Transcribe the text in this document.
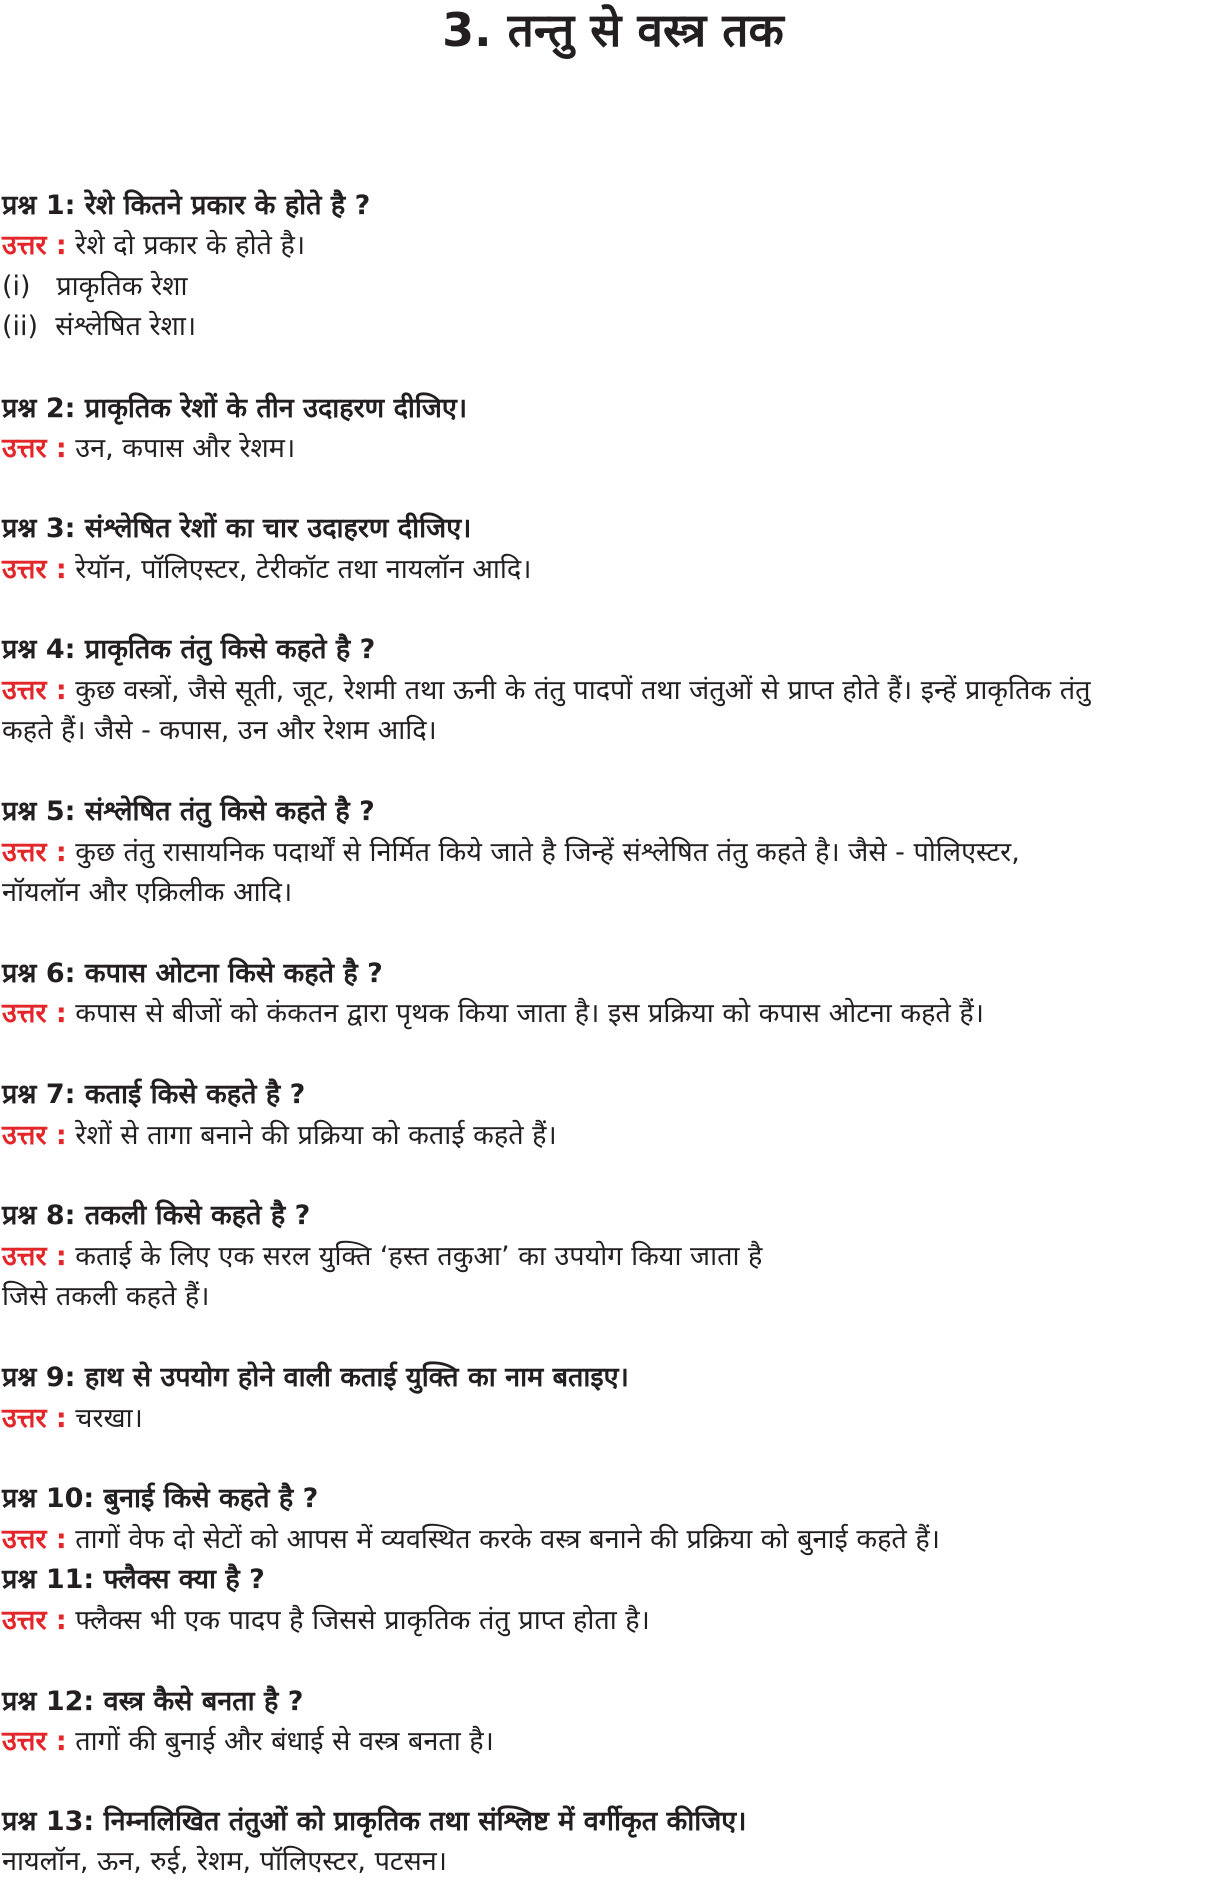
3. तन्तु से वस्त्र तक

प्रश्न 1: रेशे कितने प्रकार के होते है ?

उत्तर : रेशे दो प्रकार के होते है।

(i)   प्राकृतिक रेशा

(ii)  संश्लेषित रेशा।

प्रश्न 2: प्राकृतिक रेशों के तीन उदाहरण दीजिए।

उत्तर : उन, कपास और रेशम।

प्रश्न 3: संश्लेषित रेशों का चार उदाहरण दीजिए।

उत्तर : रेयॉन, पॉलिएस्टर, टेरीकॉट तथा नायलॉन आदि।

प्रश्न 4: प्राकृतिक तंतु किसे कहते है ?

उत्तर : कुछ वस्त्रों, जैसे सूती, जूट, रेशमी तथा ऊनी के तंतु पादपों तथा जंतुओं से प्राप्त होते हैं। इन्हें प्राकृतिक तंतु

कहते हैं। जैसे - कपास, उन और रेशम आदि।

प्रश्न 5: संश्लेषित तंतु किसे कहते है ?

उत्तर : कुछ तंतु रासायनिक पदार्थों से निर्मित किये जाते है जिन्हें संश्लेषित तंतु कहते है। जैसे - पोलिएस्टर,

नॉयलॉन और एक्रिलीक आदि।

प्रश्न 6: कपास ओटना किसे कहते है ?

उत्तर : कपास से बीजों को कंकतन द्वारा पृथक किया जाता है। इस प्रक्रिया को कपास ओटना कहते हैं।

प्रश्न 7: कताई किसे कहते है ?

उत्तर : रेशों से तागा बनाने की प्रक्रिया को कताई कहते हैं।

प्रश्न 8: तकली किसे कहते है ?

उत्तर : कताई के लिए एक सरल युक्ति ‘हस्त तकुआ’ का उपयोग किया जाता है

जिसे तकली कहते हैं।

प्रश्न 9: हाथ से उपयोग होने वाली कताई युक्ति का नाम बताइए।

उत्तर : चरखा।

प्रश्न 10: बुनाई किसे कहते है ?

उत्तर : तागों वेफ दो सेटों को आपस में व्यवस्थित करके वस्त्र बनाने की प्रक्रिया को बुनाई कहते हैं।

प्रश्न 11: फ्लैक्स क्या है ?

उत्तर : फ्लैक्स भी एक पादप है जिससे प्राकृतिक तंतु प्राप्त होता है।

प्रश्न 12: वस्त्र कैसे बनता है ?

उत्तर : तागों की बुनाई और बंधाई से वस्त्र बनता है।

प्रश्न 13: निम्नलिखित तंतुओं को प्राकृतिक तथा संश्लिष्ट में वर्गीकृत कीजिए।

नायलॉन, ऊन, रुई, रेशम, पॉलिएस्टर, पटसन।
